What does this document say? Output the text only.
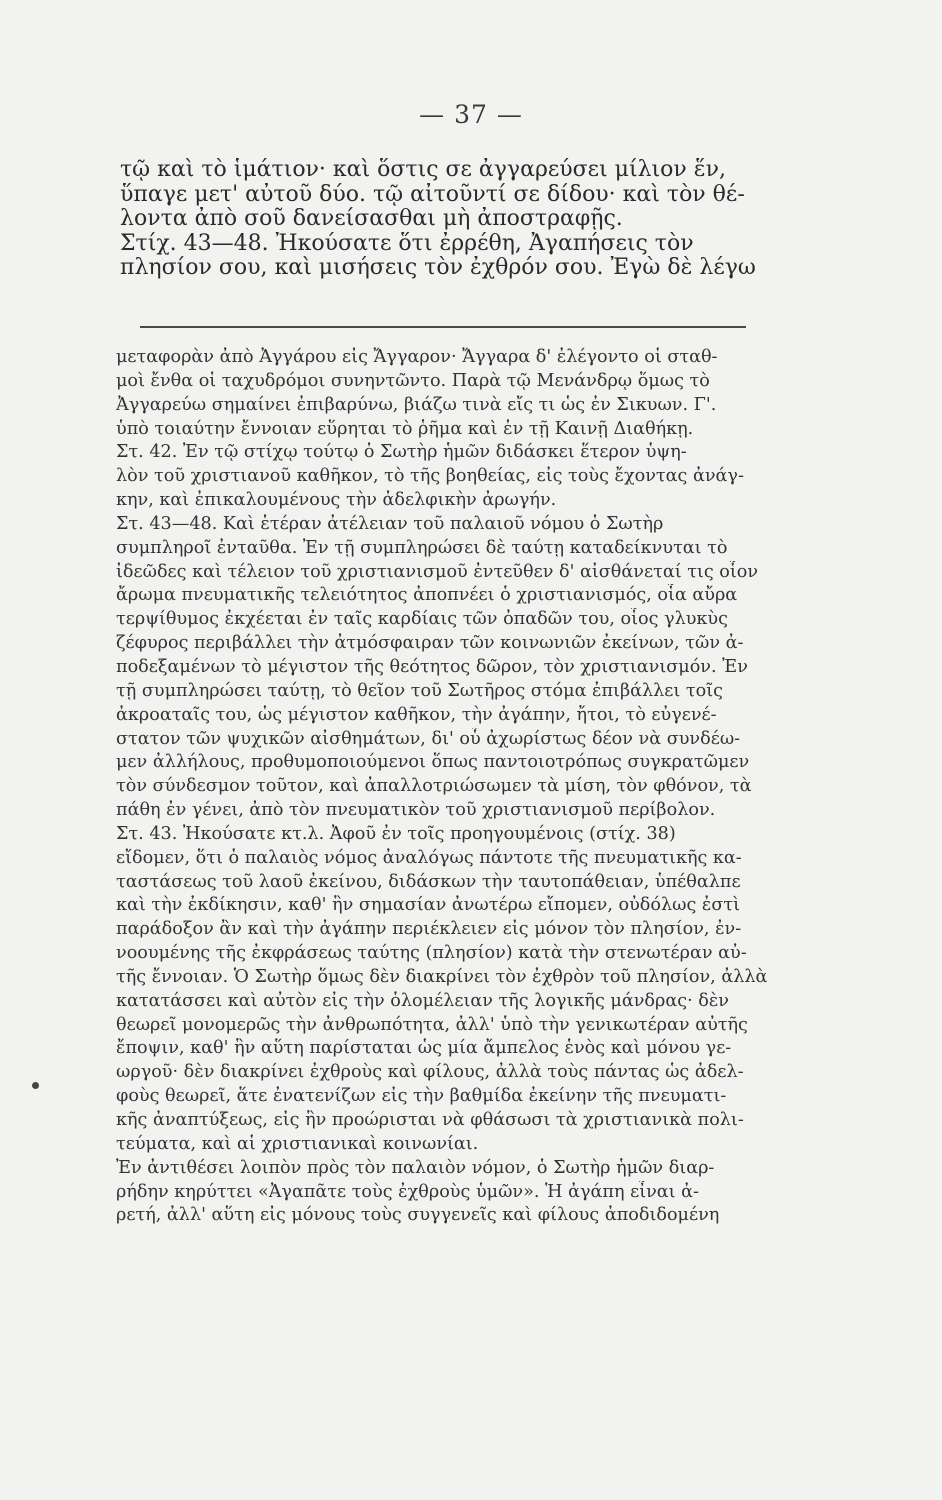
— 37 —
τῷ καὶ τὸ ἱμάτιον· καὶ ὅστις σε ἀγγαρεύσει μίλιον ἕν,
ὕπαγε μετ' αὐτοῦ δύο. τῷ αἰτοῦντί σε δίδου· καὶ τὸν θέ-
λοντα ἀπὸ σοῦ δανείσασθαι μὴ ἀποστραφῇς.
Στίχ. 43—48. Ἠκούσατε ὅτι ἐρρέθη, Ἀγαπήσεις τὸν
πλησίον σου, καὶ μισήσεις τὸν ἐχθρόν σου. Ἐγὼ δὲ λέγω
μεταφορὰν ἀπὸ Ἀγγάρου εἰς Ἄγγαρον· Ἄγγαρα δ' ἐλέγοντο οἱ σταθ-
μοὶ ἔνθα οἱ ταχυδρόμοι συνηντῶντο. Παρὰ τῷ Μενάνδρῳ ὅμως τὸ
Ἀγγαρεύω σημαίνει ἐπιβαρύνω, βιάζω τινὰ εἴς τι ὡς ἐν Σικυων. Γ'.
ὑπὸ τοιαύτην ἔννοιαν εὕρηται τὸ ῥῆμα καὶ ἐν τῇ Καινῇ Διαθήκῃ.
Στ. 42. Ἐν τῷ στίχῳ τούτῳ ὁ Σωτὴρ ἡμῶν διδάσκει ἕτερον ὑψη-
λὸν τοῦ χριστιανοῦ καθῆκον, τὸ τῆς βοηθείας, εἰς τοὺς ἔχοντας ἀνάγ-
κην, καὶ ἐπικαλουμένους τὴν ἀδελφικὴν ἀρωγήν.
Στ. 43—48. Καὶ ἑτέραν ἀτέλειαν τοῦ παλαιοῦ νόμου ὁ Σωτὴρ
συμπληροῖ ἐνταῦθα. Ἐν τῇ συμπληρώσει δὲ ταύτῃ καταδείκνυται τὸ
ἰδεῶδες καὶ τέλειον τοῦ χριστιανισμοῦ ἐντεῦθεν δ' αἰσθάνεταί τις οἷον
ἄρωμα πνευματικῆς τελειότητος ἀποπνέει ὁ χριστιανισμός, οἷα αὔρα
τερψίθυμος ἐκχέεται ἐν ταῖς καρδίαις τῶν ὀπαδῶν του, οἷος γλυκὺς
ζέφυρος περιβάλλει τὴν ἀτμόσφαιραν τῶν κοινωνιῶν ἐκείνων, τῶν ἀ-
ποδεξαμένων τὸ μέγιστον τῆς θεότητος δῶρον, τὸν χριστιανισμόν. Ἐν
τῇ συμπληρώσει ταύτῃ, τὸ θεῖον τοῦ Σωτῆρος στόμα ἐπιβάλλει τοῖς
ἀκροαταῖς του, ὡς μέγιστον καθῆκον, τὴν ἀγάπην, ἤτοι, τὸ εὐγενέ-
στατον τῶν ψυχικῶν αἰσθημάτων, δι' οὗ ἀχωρίστως δέον νὰ συνδέω-
μεν ἀλλήλους, προθυμοποιούμενοι ὅπως παντοιοτρόπως συγκρατῶμεν
τὸν σύνδεσμον τοῦτον, καὶ ἀπαλλοτριώσωμεν τὰ μίση, τὸν φθόνον, τὰ
πάθη ἐν γένει, ἀπὸ τὸν πνευματικὸν τοῦ χριστιανισμοῦ περίβολον.
Στ. 43. Ἠκούσατε κτ.λ. Ἀφοῦ ἐν τοῖς προηγουμένοις (στίχ. 38)
εἴδομεν, ὅτι ὁ παλαιὸς νόμος ἀναλόγως πάντοτε τῆς πνευματικῆς κα-
ταστάσεως τοῦ λαοῦ ἐκείνου, διδάσκων τὴν ταυτοπάθειαν, ὑπέθαλπε
καὶ τὴν ἐκδίκησιν, καθ' ἣν σημασίαν ἀνωτέρω εἴπομεν, οὐδόλως ἐστὶ
παράδοξον ἂν καὶ τὴν ἀγάπην περιέκλειεν εἰς μόνον τὸν πλησίον, ἐν-
νοουμένης τῆς ἐκφράσεως ταύτης (πλησίον) κατὰ τὴν στενωτέραν αὐ-
τῆς ἔννοιαν. Ὁ Σωτὴρ ὅμως δὲν διακρίνει τὸν ἐχθρὸν τοῦ πλησίον, ἀλλὰ
κατατάσσει καὶ αὐτὸν εἰς τὴν ὁλομέλειαν τῆς λογικῆς μάνδρας· δὲν
θεωρεῖ μονομερῶς τὴν ἀνθρωπότητα, ἀλλ' ὑπὸ τὴν γενικωτέραν αὐτῆς
ἔποψιν, καθ' ἣν αὕτη παρίσταται ὡς μία ἄμπελος ἑνὸς καὶ μόνου γε-
ωργοῦ· δὲν διακρίνει ἐχθροὺς καὶ φίλους, ἀλλὰ τοὺς πάντας ὡς ἀδελ-
φοὺς θεωρεῖ, ἅτε ἐνατενίζων εἰς τὴν βαθμίδα ἐκείνην τῆς πνευματι-
κῆς ἀναπτύξεως, εἰς ἣν προώρισται νὰ φθάσωσι τὰ χριστιανικὰ πολι-
τεύματα, καὶ αἱ χριστιανικαὶ κοινωνίαι.
Ἐν ἀντιθέσει λοιπὸν πρὸς τὸν παλαιὸν νόμον, ὁ Σωτὴρ ἡμῶν διαρ-
ρήδην κηρύττει «Ἀγαπᾶτε τοὺς ἐχθροὺς ὑμῶν». Ἡ ἀγάπη εἶναι ἀ-
ρετή, ἀλλ' αὕτη εἰς μόνους τοὺς συγγενεῖς καὶ φίλους ἀποδιδομένη
